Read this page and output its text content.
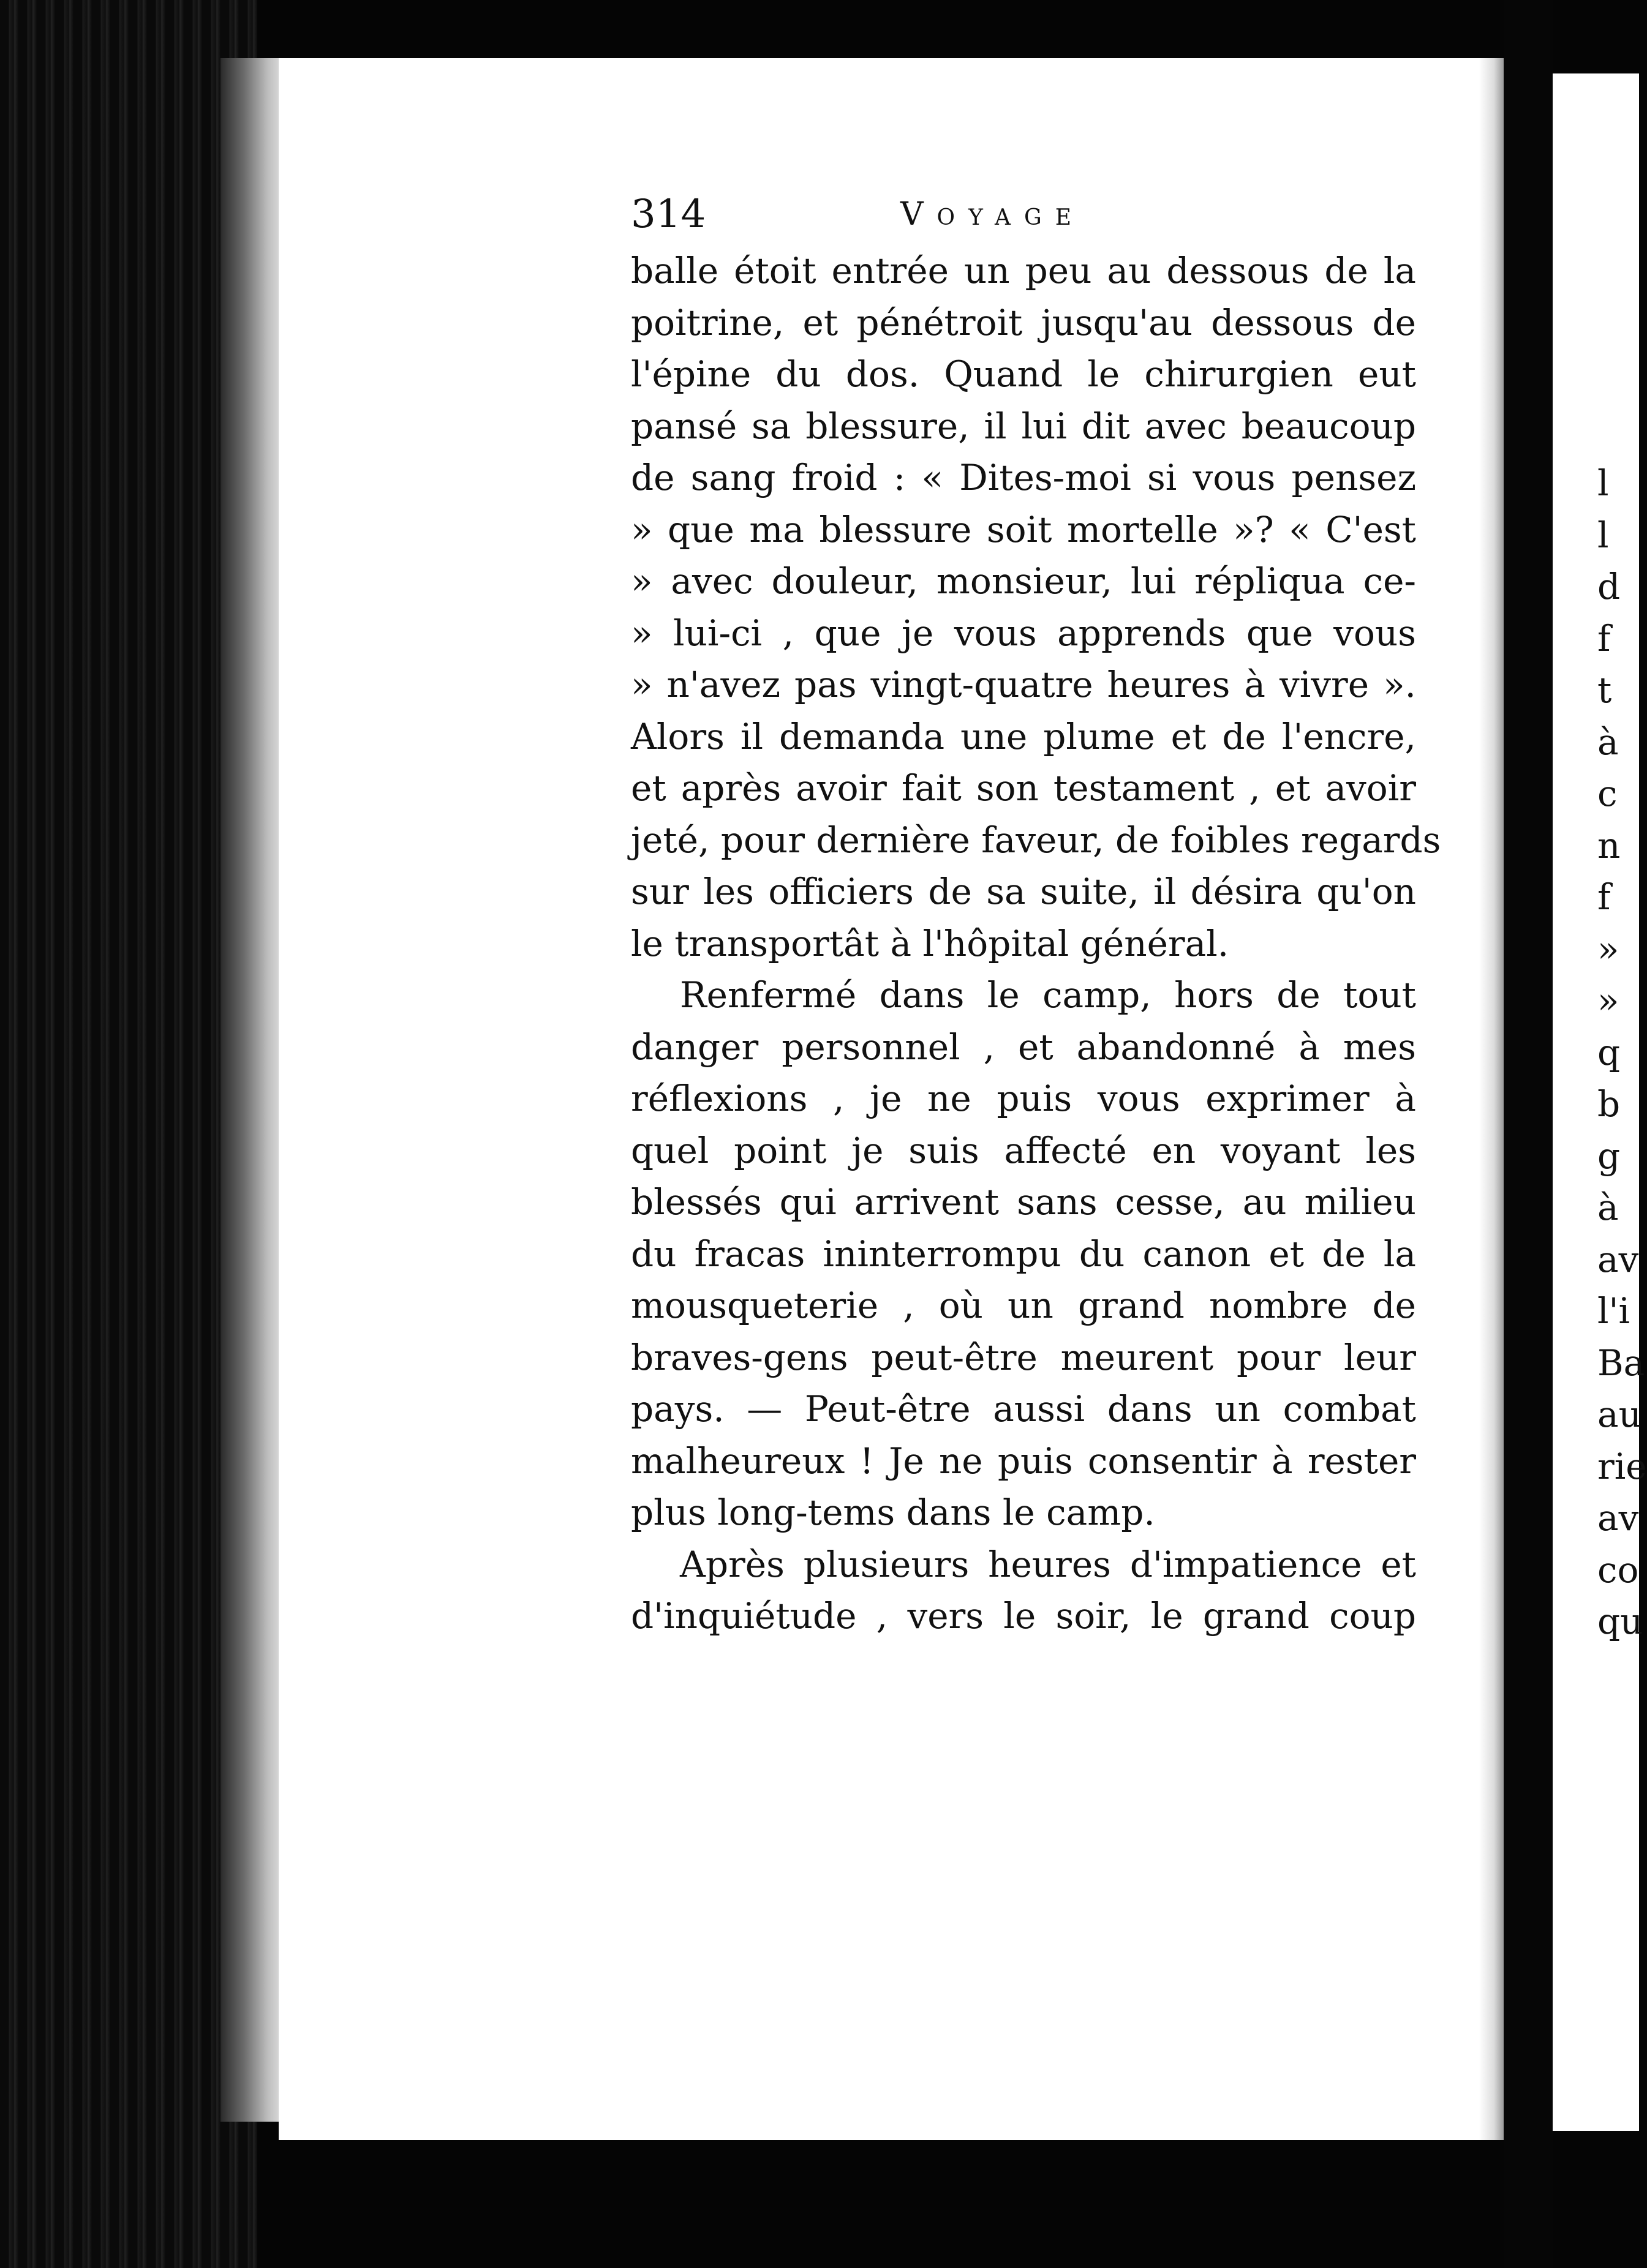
314	Voyage
balle étoit entrée un peu au dessous de la
poitrine, et pénétroit jusqu'au dessous de
l'épine du dos. Quand le chirurgien eut
pansé sa blessure, il lui dit avec beaucoup
de sang froid : « Dites-moi si vous pensez
» que ma blessure soit mortelle »? « C'est
» avec douleur, monsieur, lui répliqua ce-
» lui-ci , que je vous apprends que vous
» n'avez pas vingt-quatre heures à vivre ».
Alors il demanda une plume et de l'encre,
et après avoir fait son testament , et avoir
jeté, pour dernière faveur, de foibles regards
sur les officiers de sa suite, il désira qu'on
le transportât à l'hôpital général.
Renfermé dans le camp, hors de tout
danger personnel , et abandonné à mes
réflexions , je ne puis vous exprimer à
quel point je suis affecté en voyant les
blessés qui arrivent sans cesse, au milieu
du fracas ininterrompu du canon et de la
mousqueterie , où un grand nombre de
braves-gens peut-être meurent pour leur
pays. — Peut-être aussi dans un combat
malheureux ! Je ne puis consentir à rester
plus long-tems dans le camp.
Après plusieurs heures d'impatience et
d'inquiétude , vers le soir, le grand coup
l
l
d
f
t
à
c
n
f
»
»
q
b
g
à
av
l'i
Ba
au
rie
av
co
qu
